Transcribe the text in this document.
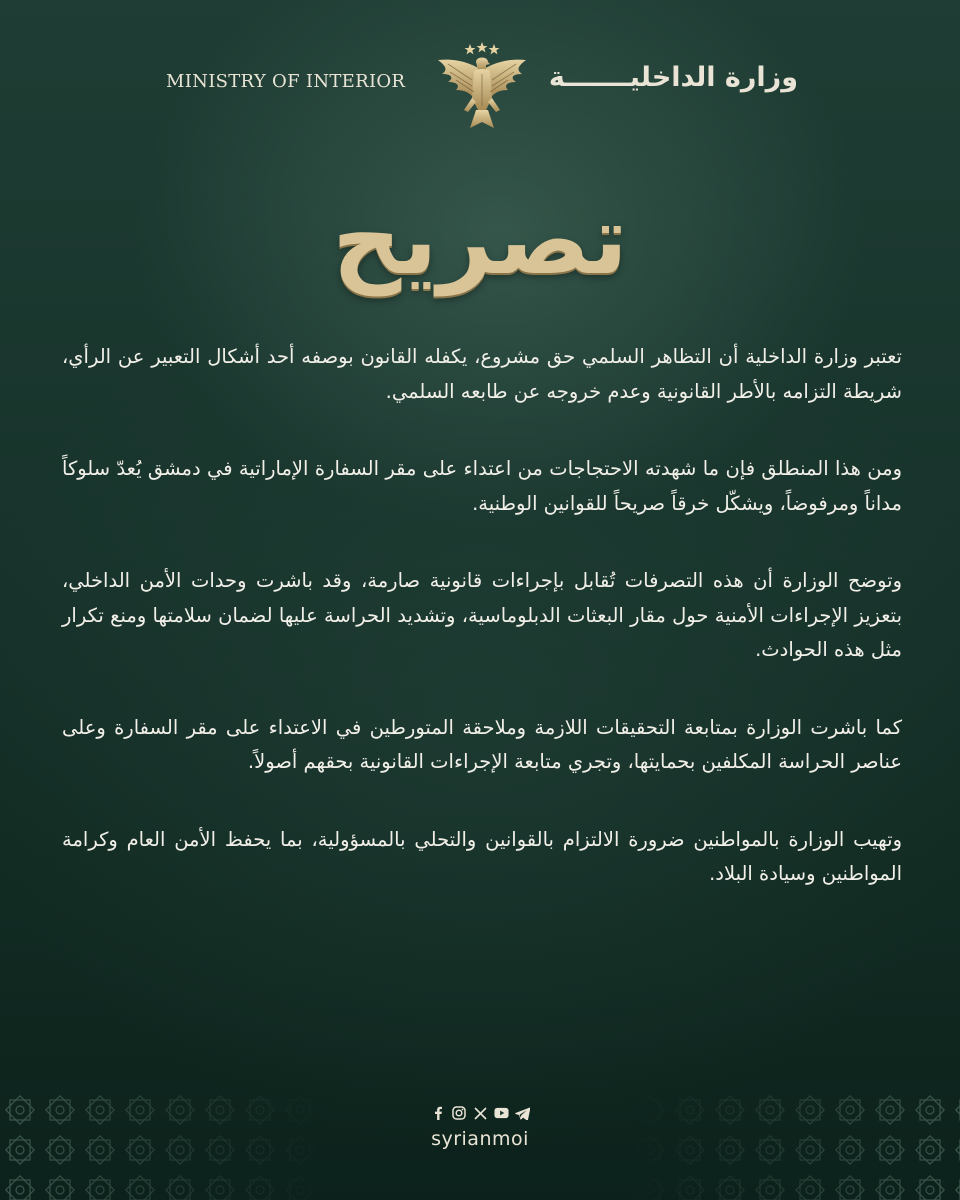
MINISTRY OF INTERIOR	وزارة الداخليـــــــة
تصريح

تعتبر وزارة الداخلية أن التظاهر السلمي حق مشروع، يكفله القانون بوصفه أحد أشكال التعبير عن الرأي، شريطة التزامه بالأطر القانونية وعدم خروجه عن طابعه السلمي.

ومن هذا المنطلق فإن ما شهدته الاحتجاجات من اعتداء على مقر السفارة الإماراتية في دمشق يُعدّ سلوكاً مداناً ومرفوضاً، ويشكّل خرقاً صريحاً للقوانين الوطنية.

وتوضح الوزارة أن هذه التصرفات تُقابل بإجراءات قانونية صارمة، وقد باشرت وحدات الأمن الداخلي، بتعزيز الإجراءات الأمنية حول مقار البعثات الدبلوماسية، وتشديد الحراسة عليها لضمان سلامتها ومنع تكرار مثل هذه الحوادث.

كما باشرت الوزارة بمتابعة التحقيقات اللازمة وملاحقة المتورطين في الاعتداء على مقر السفارة وعلى عناصر الحراسة المكلفين بحمايتها، وتجري متابعة الإجراءات القانونية بحقهم أصولاً.

وتهيب الوزارة بالمواطنين ضرورة الالتزام بالقوانين والتحلي بالمسؤولية، بما يحفظ الأمن العام وكرامة المواطنين وسيادة البلاد.

syrianmoi
